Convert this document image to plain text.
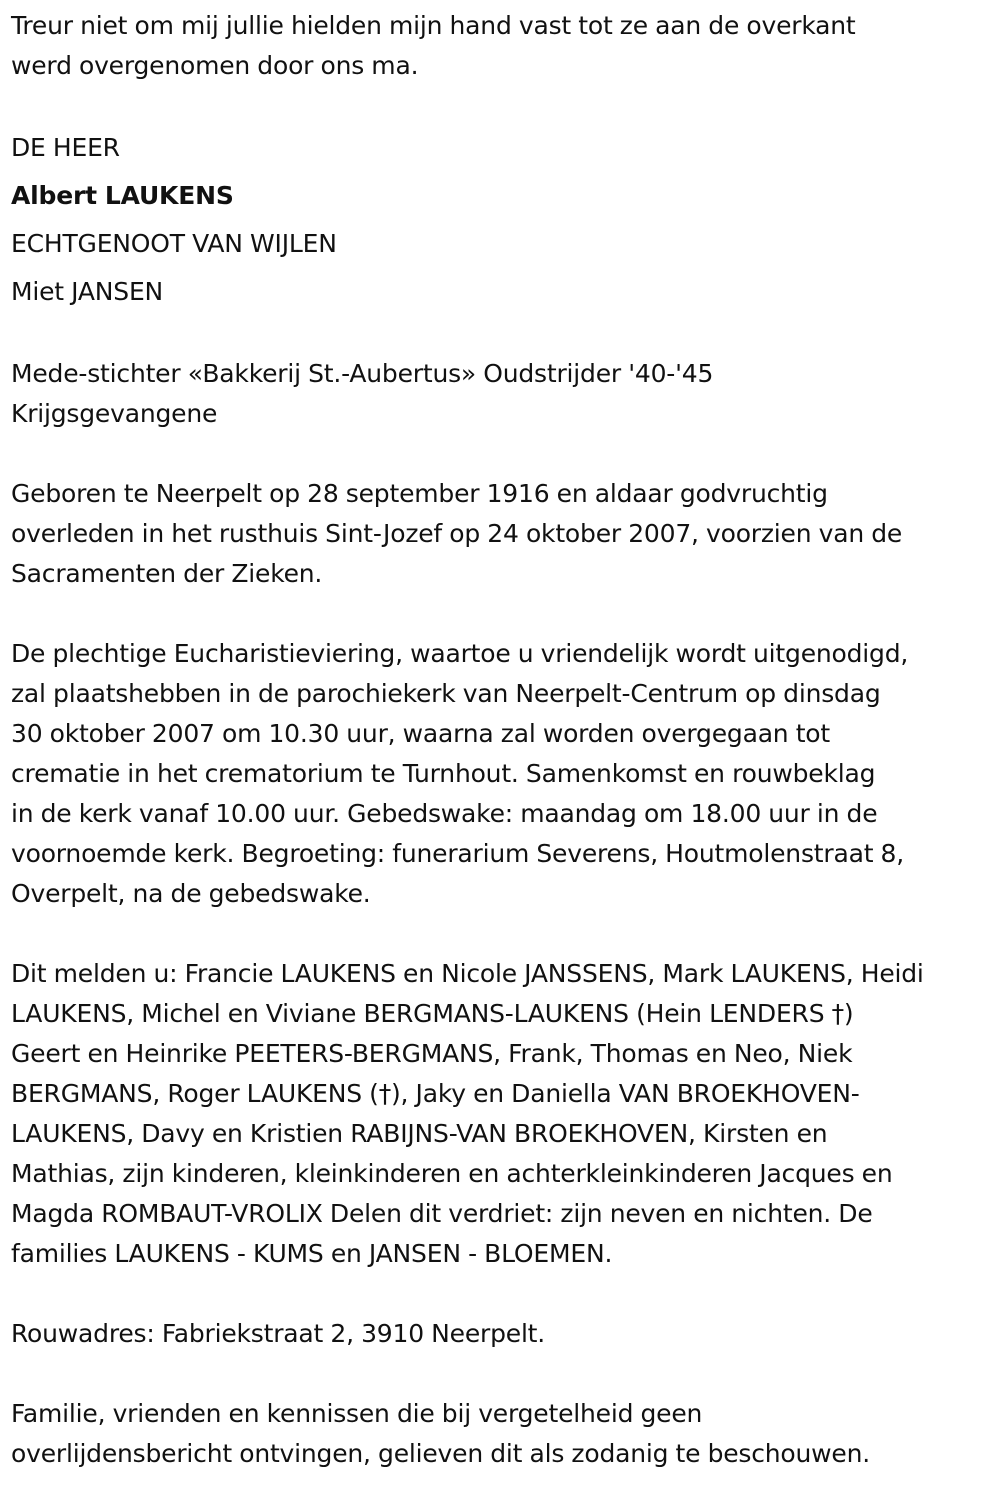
Treur niet om mij jullie hielden mijn hand vast tot ze aan de overkant
werd overgenomen door ons ma.

DE HEER

Albert LAUKENS

ECHTGENOOT VAN WIJLEN

Miet JANSEN

Mede-stichter «Bakkerij St.-Aubertus» Oudstrijder '40-'45
Krijgsgevangene

Geboren te Neerpelt op 28 september 1916 en aldaar godvruchtig
overleden in het rusthuis Sint-Jozef op 24 oktober 2007, voorzien van de
Sacramenten der Zieken.

De plechtige Eucharistieviering, waartoe u vriendelijk wordt uitgenodigd,
zal plaatshebben in de parochiekerk van Neerpelt-Centrum op dinsdag
30 oktober 2007 om 10.30 uur, waarna zal worden overgegaan tot
crematie in het crematorium te Turnhout. Samenkomst en rouwbeklag
in de kerk vanaf 10.00 uur. Gebedswake: maandag om 18.00 uur in de
voornoemde kerk. Begroeting: funerarium Severens, Houtmolenstraat 8,
Overpelt, na de gebedswake.

Dit melden u: Francie LAUKENS en Nicole JANSSENS, Mark LAUKENS, Heidi
LAUKENS, Michel en Viviane BERGMANS-LAUKENS (Hein LENDERS †)
Geert en Heinrike PEETERS-BERGMANS, Frank, Thomas en Neo, Niek
BERGMANS, Roger LAUKENS (†), Jaky en Daniella VAN BROEKHOVEN-
LAUKENS, Davy en Kristien RABIJNS-VAN BROEKHOVEN, Kirsten en
Mathias, zijn kinderen, kleinkinderen en achterkleinkinderen Jacques en
Magda ROMBAUT-VROLIX Delen dit verdriet: zijn neven en nichten. De
families LAUKENS - KUMS en JANSEN - BLOEMEN.

Rouwadres: Fabriekstraat 2, 3910 Neerpelt.

Familie, vrienden en kennissen die bij vergetelheid geen
overlijdensbericht ontvingen, gelieven dit als zodanig te beschouwen.
